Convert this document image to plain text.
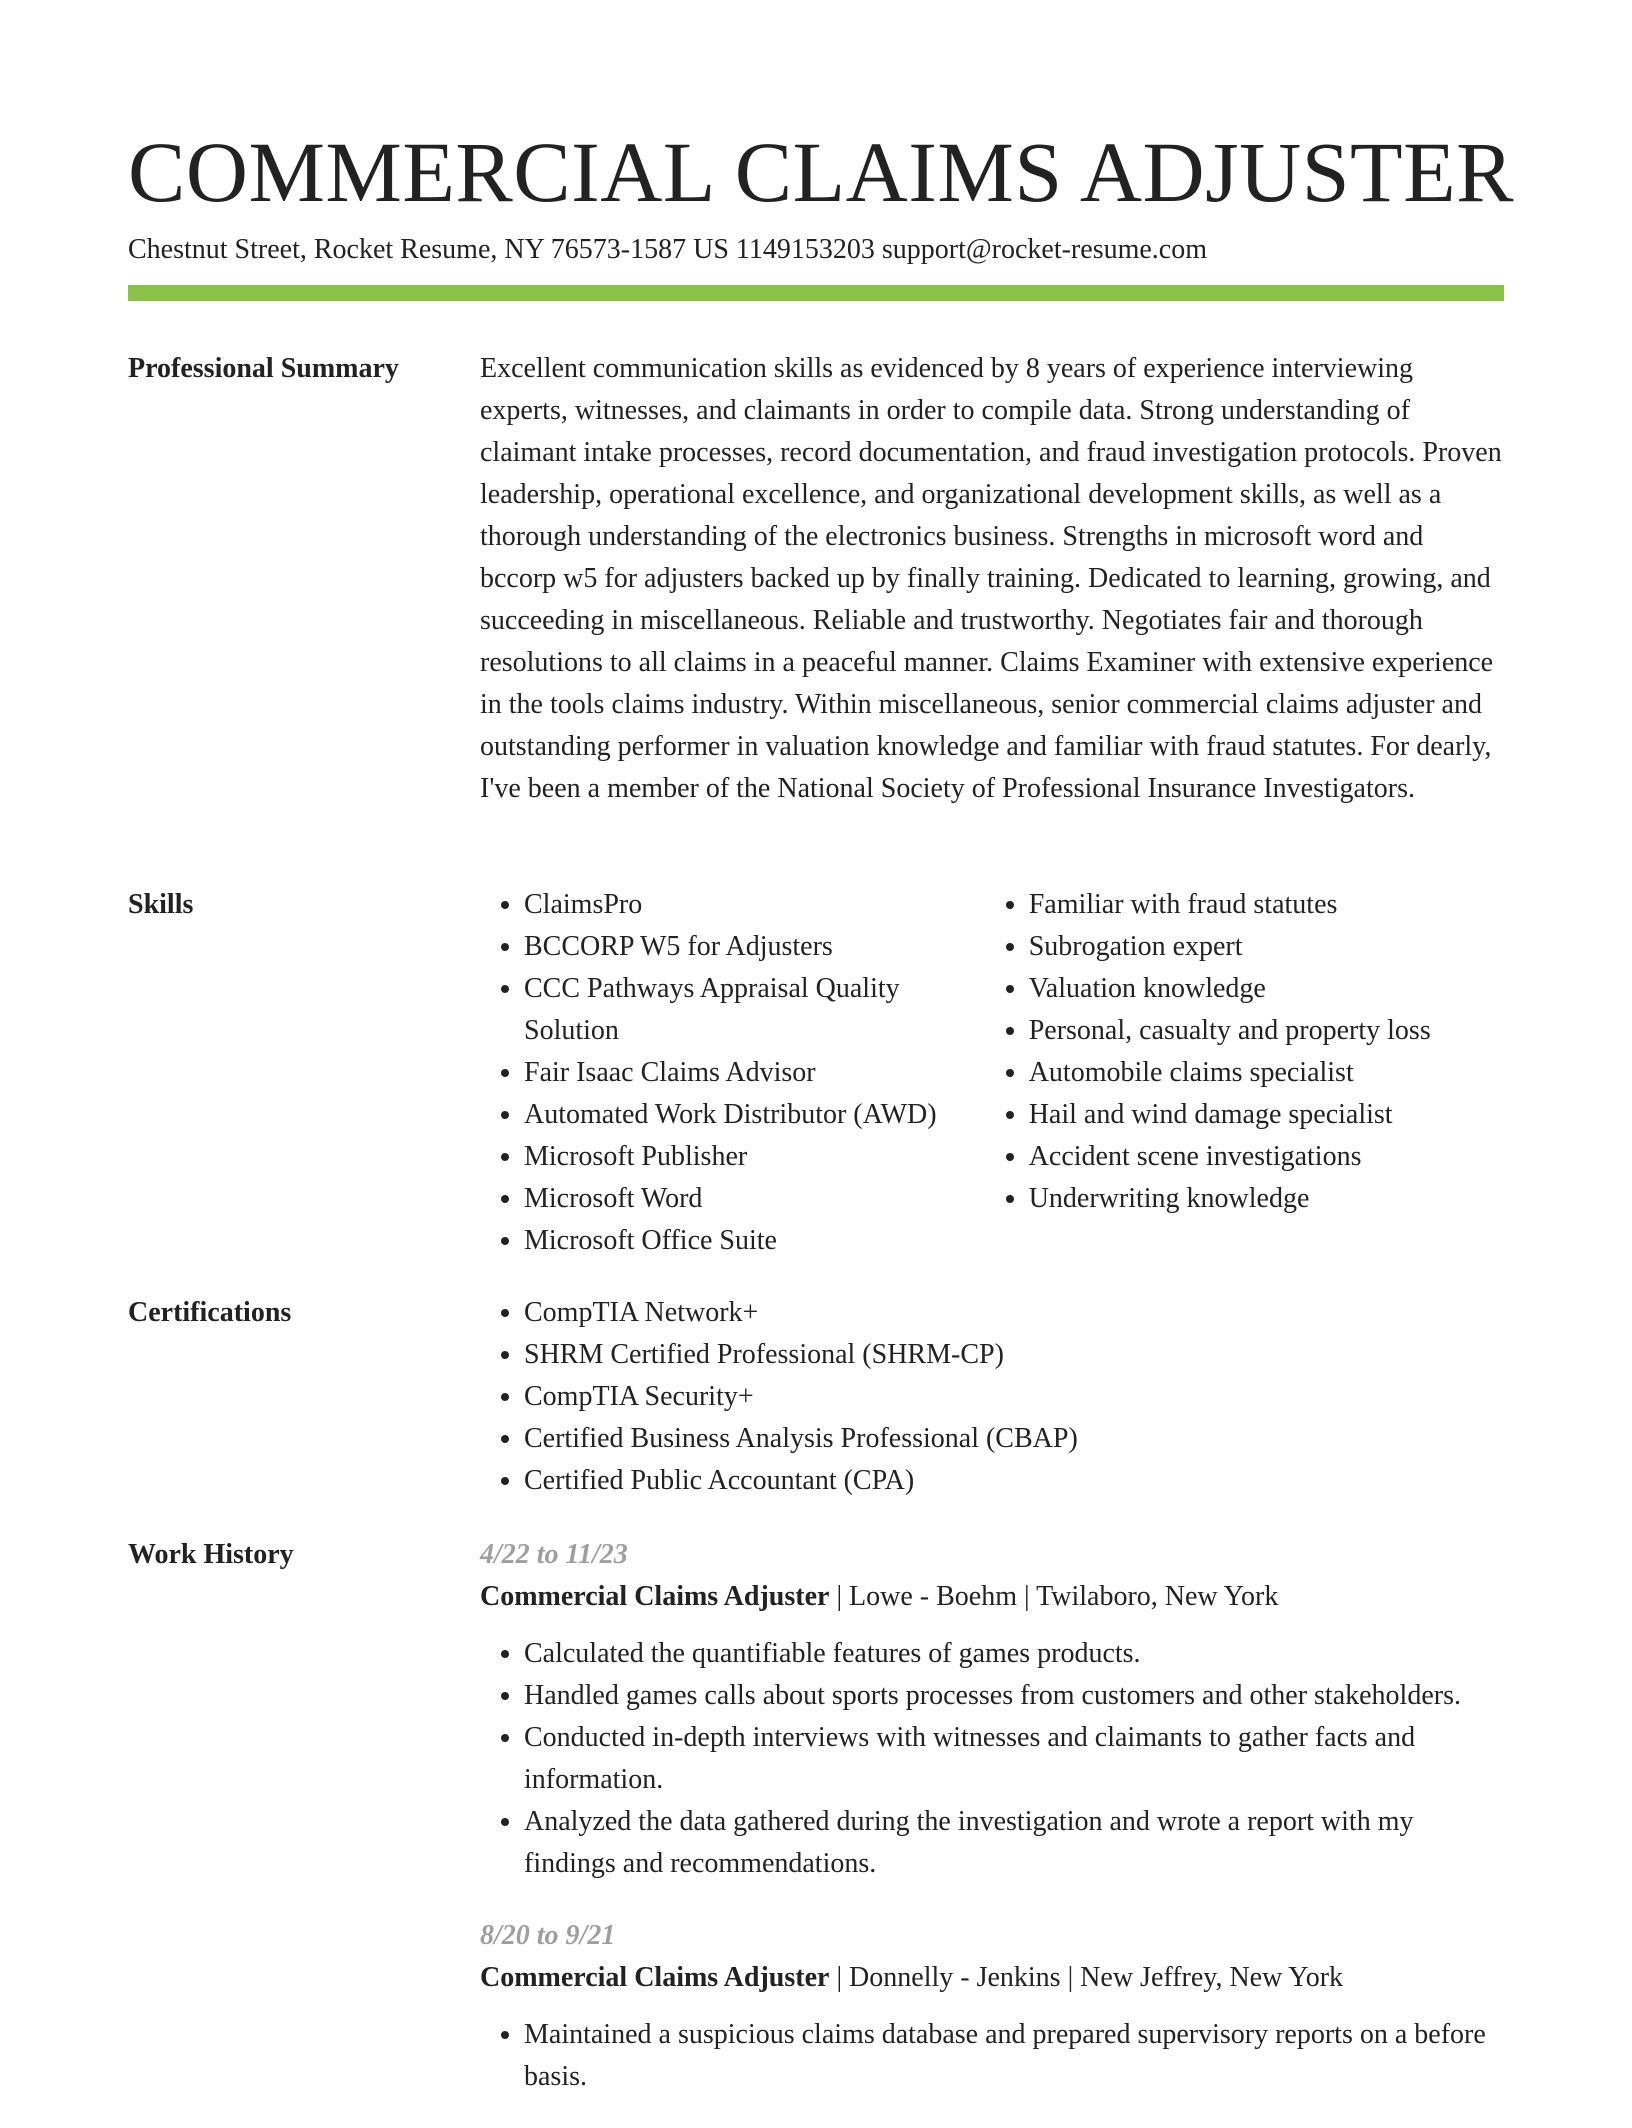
COMMERCIAL CLAIMS ADJUSTER
Chestnut Street, Rocket Resume, NY 76573-1587 US 1149153203 support@rocket-resume.com
Professional Summary	Excellent communication skills as evidenced by 8 years of experience interviewing experts, witnesses, and claimants in order to compile data. Strong understanding of claimant intake processes, record documentation, and fraud investigation protocols. Proven leadership, operational excellence, and organizational development skills, as well as a thorough understanding of the electronics business. Strengths in microsoft word and bccorp w5 for adjusters backed up by finally training. Dedicated to learning, growing, and succeeding in miscellaneous. Reliable and trustworthy. Negotiates fair and thorough resolutions to all claims in a peaceful manner. Claims Examiner with extensive experience in the tools claims industry. Within miscellaneous, senior commercial claims adjuster and outstanding performer in valuation knowledge and familiar with fraud statutes. For dearly, I've been a member of the National Society of Professional Insurance Investigators.

Skills	• ClaimsPro
• BCCORP W5 for Adjusters
• CCC Pathways Appraisal Quality Solution
• Fair Isaac Claims Advisor
• Automated Work Distributor (AWD)
• Microsoft Publisher
• Microsoft Word
• Microsoft Office Suite
• Familiar with fraud statutes
• Subrogation expert
• Valuation knowledge
• Personal, casualty and property loss
• Automobile claims specialist
• Hail and wind damage specialist
• Accident scene investigations
• Underwriting knowledge
Certifications	• CompTIA Network+
• SHRM Certified Professional (SHRM-CP)
• CompTIA Security+
• Certified Business Analysis Professional (CBAP)
• Certified Public Accountant (CPA)
Work History	4/22 to 11/23
Commercial Claims Adjuster | Lowe - Boehm | Twilaboro, New York
• Calculated the quantifiable features of games products.
• Handled games calls about sports processes from customers and other stakeholders.
• Conducted in-depth interviews with witnesses and claimants to gather facts and information.
• Analyzed the data gathered during the investigation and wrote a report with my findings and recommendations.
8/20 to 9/21
Commercial Claims Adjuster | Donnelly - Jenkins | New Jeffrey, New York
• Maintained a suspicious claims database and prepared supervisory reports on a before basis.
